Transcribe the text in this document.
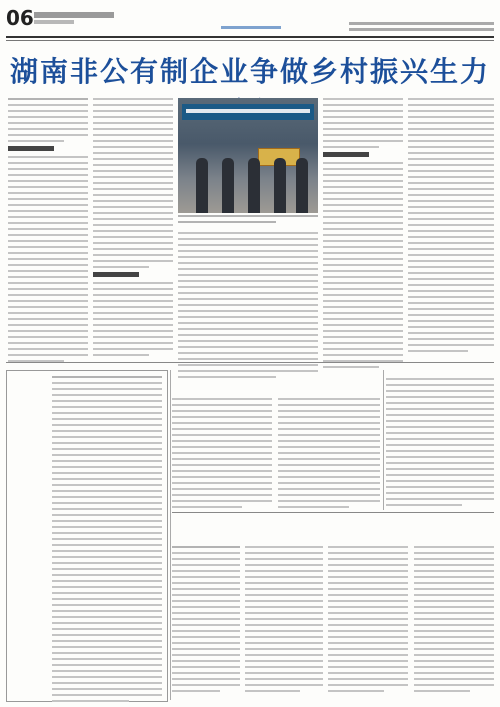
06
湖南非公有制企业争做乡村振兴生力
